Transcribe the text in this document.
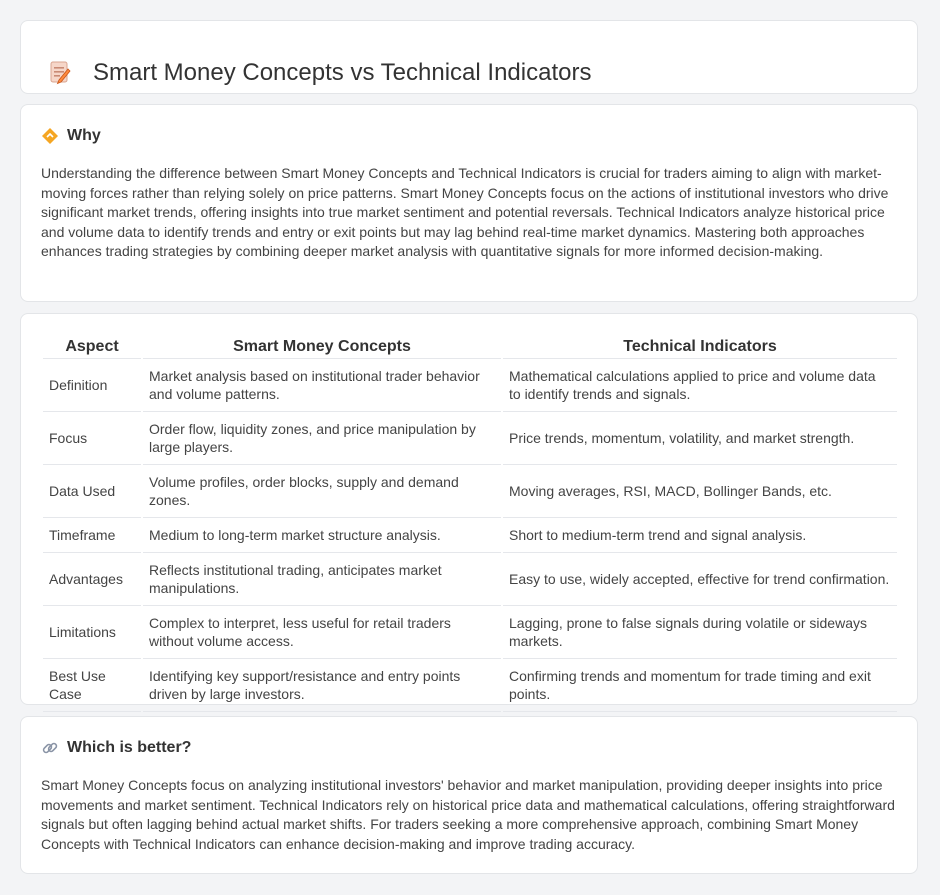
Smart Money Concepts vs Technical Indicators
Why

Understanding the difference between Smart Money Concepts and Technical Indicators is crucial for traders aiming to align with market-moving forces rather than relying solely on price patterns. Smart Money Concepts focus on the actions of institutional investors who drive significant market trends, offering insights into true market sentiment and potential reversals. Technical Indicators analyze historical price and volume data to identify trends and entry or exit points but may lag behind real-time market dynamics. Mastering both approaches enhances trading strategies by combining deeper market analysis with quantitative signals for more informed decision-making.

Aspect	Smart Money Concepts	Technical Indicators
Definition	Market analysis based on institutional trader behavior and volume patterns.	Mathematical calculations applied to price and volume data to identify trends and signals.
Focus	Order flow, liquidity zones, and price manipulation by large players.	Price trends, momentum, volatility, and market strength.
Data Used	Volume profiles, order blocks, supply and demand zones.	Moving averages, RSI, MACD, Bollinger Bands, etc.
Timeframe	Medium to long-term market structure analysis.	Short to medium-term trend and signal analysis.
Advantages	Reflects institutional trading, anticipates market manipulations.	Easy to use, widely accepted, effective for trend confirmation.
Limitations	Complex to interpret, less useful for retail traders without volume access.	Lagging, prone to false signals during volatile or sideways markets.
Best Use Case	Identifying key support/resistance and entry points driven by large investors.	Confirming trends and momentum for trade timing and exit points.
Which is better?

Smart Money Concepts focus on analyzing institutional investors' behavior and market manipulation, providing deeper insights into price movements and market sentiment. Technical Indicators rely on historical price data and mathematical calculations, offering straightforward signals but often lagging behind actual market shifts. For traders seeking a more comprehensive approach, combining Smart Money Concepts with Technical Indicators can enhance decision-making and improve trading accuracy.
